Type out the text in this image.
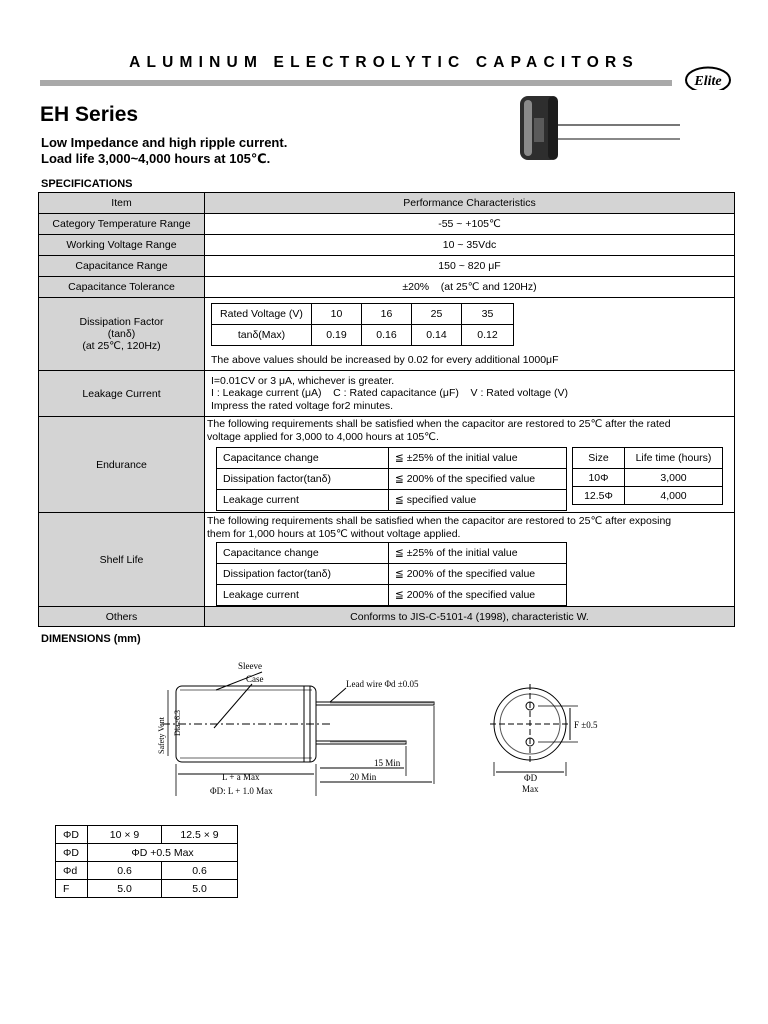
ALUMINUM ELECTROLYTIC CAPACITORS
Elite
EH Series
Low Impedance and high ripple current.
Load life 3,000~4,000 hours at 105℃.
SPECIFICATIONS
Item	Performance Characteristics
Category Temperature Range	-55 ~ +105℃
Working Voltage Range	10 ~ 35Vdc
Capacitance Range	150 ~ 820 μF
Capacitance Tolerance	±20%    (at 25℃ and 120Hz)

Dissipation Factor
(tanδ)
(at 25℃, 120Hz)

Rated Voltage (V)	10	16	25	35
tanδ(Max)	0.19	0.16	0.14	0.12
The above values should be increased by 0.02 for every additional 1000μF

Leakage Current	
I=0.01CV or 3 μA, whichever is greater.
I : Leakage current (μA)    C : Rated capacitance (μF)    V : Rated voltage (V)
Impress the rated voltage for2 minutes.

Endurance	
The following requirements shall be satisfied when the capacitor are restored to 25℃ after the rated
voltage applied for 3,000 to 4,000 hours at 105℃.
Capacitance change	≦ ±25% of the initial value
Dissipation factor(tanδ)	≦ 200% of the specified value
Leakage current	≦ specified value
Size	Life time (hours)
10Φ	3,000
12.5Φ	4,000

Shelf Life	
The following requirements shall be satisfied when the capacitor are restored to 25℃ after exposing
them for 1,000 hours at 105℃ without voltage applied.
Capacitance change	≦ ±25% of the initial value
Dissipation factor(tanδ)	≦ 200% of the specified value
Leakage current	≦ 200% of the specified value

Others	Conforms to JIS-C-5101-4 (1998), characteristic W.
DIMENSIONS (mm)
Sleeve
Case	Lead wire Φd ±0.05
15 Min
20 Min
L + a Max
ΦD: L + 1.0 Max
F ±0.5
ΦD
Max
Safety Vent Dia≥6.3
ΦD	10 × 9	12.5 × 9
ΦD	ΦD +0.5 Max	
Φd	0.6	0.6
F	5.0	5.0
